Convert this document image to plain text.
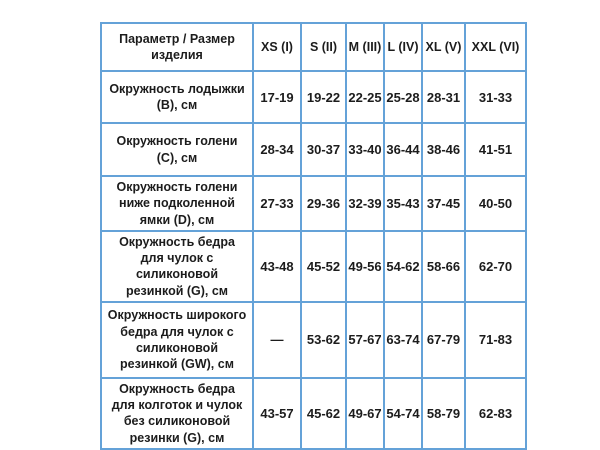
Параметр / Размер изделия	XS (I)	S (II)	M (III)	L (IV)	XL (V)	XXL (VI)
Окружность лодыжки (B), см	17-19	19-22	22-25	25-28	28-31	31-33
Окружность голени (C), см	28-34	30-37	33-40	36-44	38-46	41-51
Окружность голени ниже подколенной ямки (D), см	27-33	29-36	32-39	35-43	37-45	40-50
Окружность бедра для чулок с силиконовой резинкой (G), см	43-48	45-52	49-56	54-62	58-66	62-70
Окружность широкого бедра для чулок с силиконовой резинкой (GW), см	—	53-62	57-67	63-74	67-79	71-83
Окружность бедра для колготок и чулок без силиконовой резинки (G), см	43-57	45-62	49-67	54-74	58-79	62-83
